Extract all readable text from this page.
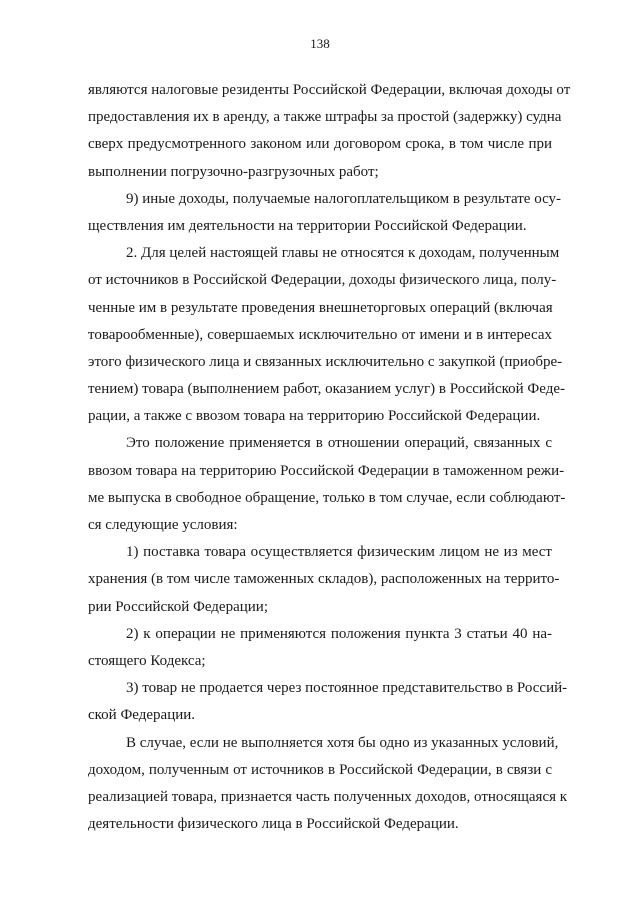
138
являются налоговые резиденты Российской Федерации, включая доходы от
предоставления их в аренду, а также штрафы за простой (задержку) судна
сверх предусмотренного законом или договором срока, в том числе при
выполнении погрузочно-разгрузочных работ;
9) иные доходы, получаемые налогоплательщиком в результате осу-
ществления им деятельности на территории Российской Федерации.
2. Для целей настоящей главы не относятся к доходам, полученным
от источников в Российской Федерации, доходы физического лица, полу-
ченные им в результате проведения внешнеторговых операций (включая
товарообменные), совершаемых исключительно от имени и в интересах
этого физического лица и связанных исключительно с закупкой (приобре-
тением) товара (выполнением работ, оказанием услуг) в Российской Феде-
рации, а также с ввозом товара на территорию Российской Федерации.
Это положение применяется в отношении операций, связанных с
ввозом товара на территорию Российской Федерации в таможенном режи-
ме выпуска в свободное обращение, только в том случае, если соблюдают-
ся следующие условия:
1) поставка товара осуществляется физическим лицом не из мест
хранения (в том числе таможенных складов), расположенных на террито-
рии Российской Федерации;
2) к операции не применяются положения пункта 3 статьи 40 на-
стоящего Кодекса;
3) товар не продается через постоянное представительство в Россий-
ской Федерации.
В случае, если не выполняется хотя бы одно из указанных условий,
доходом, полученным от источников в Российской Федерации, в связи с
реализацией товара, признается часть полученных доходов, относящаяся к
деятельности физического лица в Российской Федерации.
